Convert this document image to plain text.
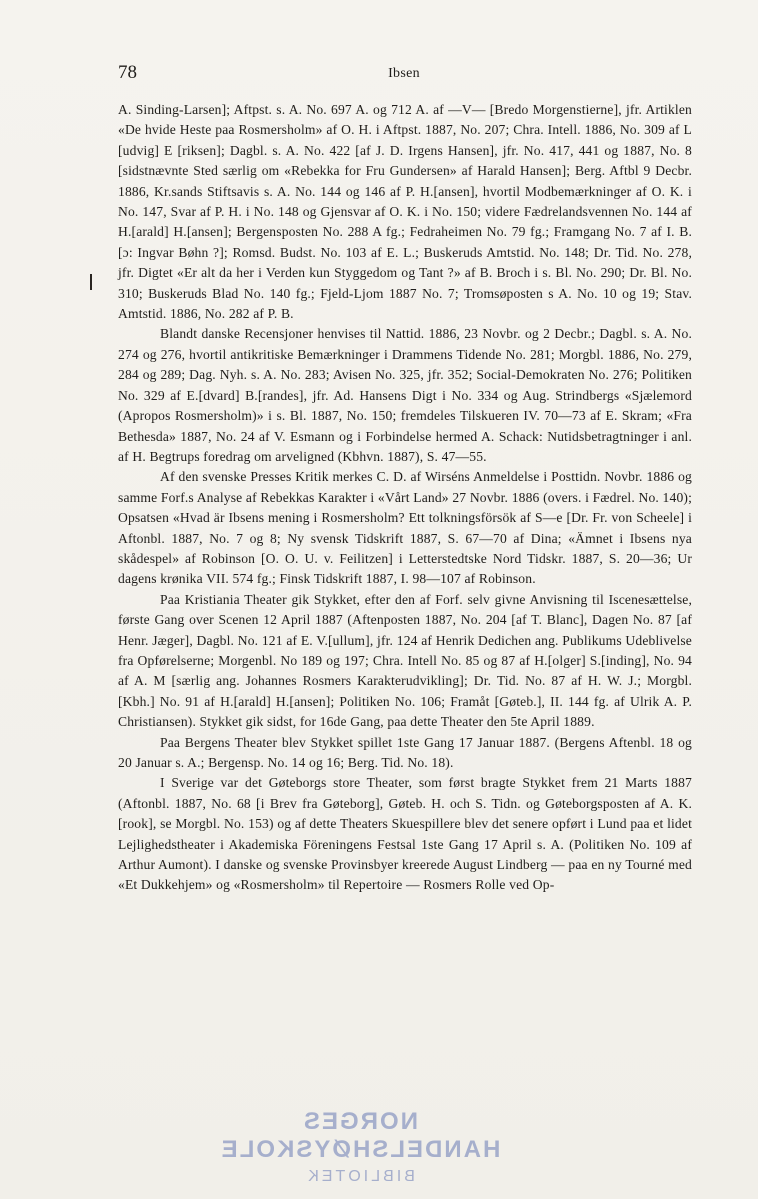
78	Ibsen

A. Sinding-Larsen]; Aftpst. s. A. No. 697 A. og 712 A. af —V— [Bredo Morgenstierne], jfr. Artiklen «De hvide Heste paa Rosmersholm» af O. H. i Aftpst. 1887, No. 207; Chra. Intell. 1886, No. 309 af L [udvig] E [riksen]; Dagbl. s. A. No. 422 [af J. D. Irgens Hansen], jfr. No. 417, 441 og 1887, No. 8 [sidstnævnte Sted særlig om «Rebekka for Fru Gundersen» af Harald Hansen]; Berg. Aftbl 9 Decbr. 1886, Kr.sands Stiftsavis s. A. No. 144 og 146 af P. H.[ansen], hvortil Modbemærkninger af O. K. i No. 147, Svar af P. H. i No. 148 og Gjensvar af O. K. i No. 150; videre Fædrelandsvennen No. 144 af H.[arald] H.[ansen]; Bergensposten No. 288 A fg.; Fedraheimen No. 79 fg.; Framgang No. 7 af I. B. [ɔ: Ingvar Bøhn ?]; Romsd. Budst. No. 103 af E. L.; Buskeruds Amtstid. No. 148; Dr. Tid. No. 278, jfr. Digtet «Er alt da her i Verden kun Styggedom og Tant ?» af B. Broch i s. Bl. No. 290; Dr. Bl. No. 310; Buskeruds Blad No. 140 fg.; Fjeld-Ljom 1887 No. 7; Tromsøposten s A. No. 10 og 19; Stav. Amtstid. 1886, No. 282 af P. B.

Blandt danske Recensjoner henvises til Nattid. 1886, 23 Novbr. og 2 Decbr.; Dagbl. s. A. No. 274 og 276, hvortil antikritiske Bemærkninger i Drammens Tidende No. 281; Morgbl. 1886, No. 279, 284 og 289; Dag. Nyh. s. A. No. 283; Avisen No. 325, jfr. 352; Social-Demokraten No. 276; Politiken No. 329 af E.[dvard] B.[randes], jfr. Ad. Hansens Digt i No. 334 og Aug. Strindbergs «Sjælemord (Apropos Rosmersholm)» i s. Bl. 1887, No. 150; fremdeles Tilskueren IV. 70—73 af E. Skram; «Fra Bethesda» 1887, No. 24 af V. Esmann og i Forbindelse hermed A. Schack: Nutidsbetragtninger i anl. af H. Begtrups foredrag om arveligned (Kbhvn. 1887), S. 47—55.

Af den svenske Presses Kritik merkes C. D. af Wirséns Anmeldelse i Posttidn. Novbr. 1886 og samme Forf.s Analyse af Rebekkas Karakter i «Vårt Land» 27 Novbr. 1886 (overs. i Fædrel. No. 140); Opsatsen «Hvad är Ibsens mening i Rosmersholm? Ett tolkningsförsök af S—e [Dr. Fr. von Scheele] i Aftonbl. 1887, No. 7 og 8; Ny svensk Tidskrift 1887, S. 67—70 af Dina; «Ämnet i Ibsens nya skådespel» af Robinson [O. O. U. v. Feilitzen] i Letterstedtske Nord Tidskr. 1887, S. 20—36; Ur dagens krønika VII. 574 fg.; Finsk Tidskrift 1887, I. 98—107 af Robinson.

Paa Kristiania Theater gik Stykket, efter den af Forf. selv givne Anvisning til Iscenesættelse, første Gang over Scenen 12 April 1887 (Aftenposten 1887, No. 204 [af T. Blanc], Dagen No. 87 [af Henr. Jæger], Dagbl. No. 121 af E. V.[ullum], jfr. 124 af Henrik Dedichen ang. Publikums Udeblivelse fra Opførelserne; Morgenbl. No 189 og 197; Chra. Intell No. 85 og 87 af H.[olger] S.[inding], No. 94 af A. M [særlig ang. Johannes Rosmers Karakterudvikling]; Dr. Tid. No. 87 af H. W. J.; Morgbl. [Kbh.] No. 91 af H.[arald] H.[ansen]; Politiken No. 106; Framåt [Gøteb.], II. 144 fg. af Ulrik A. P. Christiansen). Stykket gik sidst, for 16de Gang, paa dette Theater den 5te April 1889.

Paa Bergens Theater blev Stykket spillet 1ste Gang 17 Januar 1887. (Bergens Aftenbl. 18 og 20 Januar s. A.; Bergensp. No. 14 og 16; Berg. Tid. No. 18).

I Sverige var det Gøteborgs store Theater, som først bragte Stykket frem 21 Marts 1887 (Aftonbl. 1887, No. 68 [i Brev fra Gøteborg], Gøteb. H. och S. Tidn. og Gøteborgsposten af A. K.[rook], se Morgbl. No. 153) og af dette Theaters Skuespillere blev det senere opført i Lund paa et lidet Lejlighedstheater i Akademiska Föreningens Festsal 1ste Gang 17 April s. A. (Politiken No. 109 af Arthur Aumont). I danske og svenske Provinsbyer kreerede August Lindberg — paa en ny Tourné med «Et Dukkehjem» og «Rosmersholm» til Repertoire — Rosmers Rolle ved Op-

NORGES HANDELSHØYSKOLE
BIBLIOTEK
